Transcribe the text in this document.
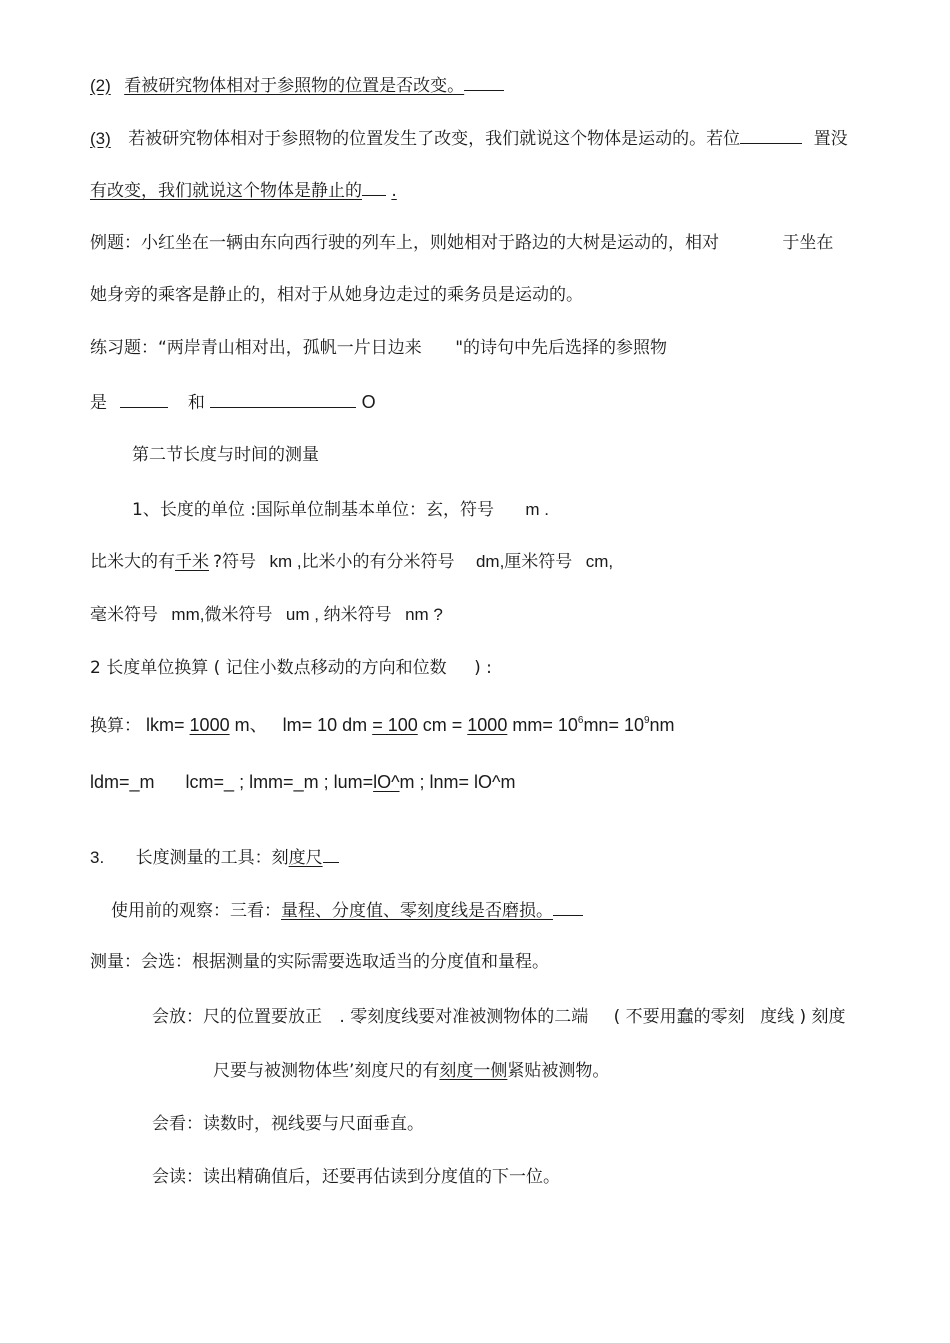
(2) 看被研究物体相对于参照物的位置是否改变。
(3) 若被研究物体相对于参照物的位置发生了改变，我们就说这个物体是运动的。若位	置没
有改变，我们就说这个物体是静止的 .
例题：小红坐在一辆由东向西行驶的列车上，则她相对于路边的大树是运动的，相对	于坐在
她身旁的乘客是静止的，相对于从她身边走过的乘务员是运动的。
练习题：“两岸青山相对出，孤帆一片日边来 "的诗句中先后选择的参照物
是	和	O
第二节长度与时间的测量
1、长度的单位 :国际单位制基本单位：玄，符号 m .
比米大的有千米 ?符号 km ,比米小的有分米符号 dm,厘米符号 cm,
毫米符号 mm,微米符号 um , 纳米符号 nm ?
2 长度单位换算 ( 记住小数点移动的方向和位数 ) :
换算： lkm= 1000 m、 lm= 10 dm = 100 cm = 1000 $mm= 10^6mn= 10^9nm$
ldm=_m lcm=_ ; lmm=_m ; lum=lO^m ; lnm= lO^m
3. 长度测量的工具：刻度尺
使用前的观察：三看：量程、分度值、零刻度线是否磨损。
测量：会选：根据测量的实际需要选取适当的分度值和量程。
会放：尺的位置要放正 . 零刻度线要对准被测物体的二端 ( 不要用蠢的零刻 度线 ) 刻度
尺要与被测物体些’刻度尺的有刻度一侧紧贴被测物。
会看：读数时，视线要与尺面垂直。
会读：读出精确值后，还要再估读到分度值的下一位。
